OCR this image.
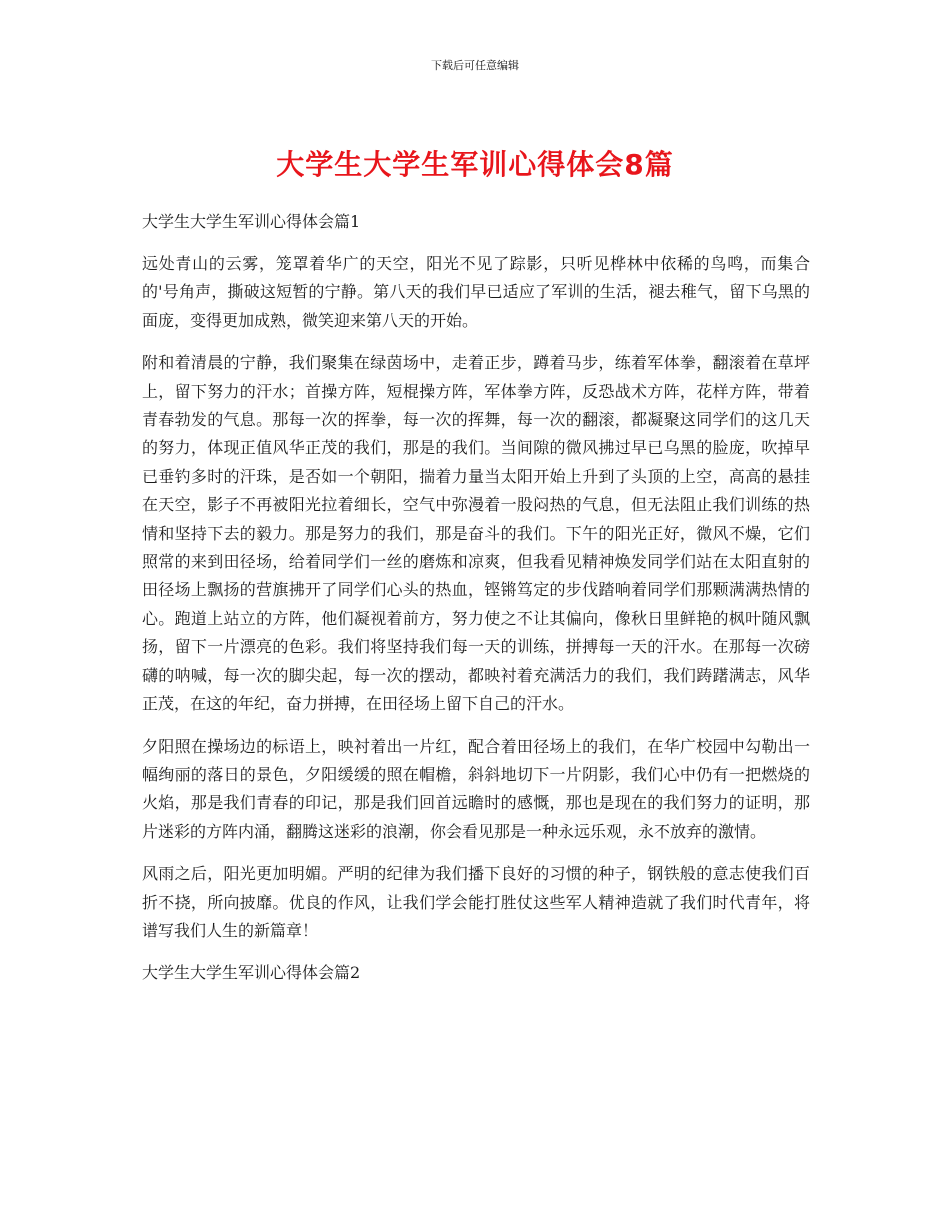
下载后可任意编辑
大学生大学生军训心得体会8篇
大学生大学生军训心得体会篇1

远处青山的云雾，笼罩着华广的天空，阳光不见了踪影，只听见桦林中依稀的鸟鸣，而集合的'号角声，撕破这短暂的宁静。第八天的我们早已适应了军训的生活，褪去稚气，留下乌黑的面庞，变得更加成熟，微笑迎来第八天的开始。

附和着清晨的宁静，我们聚集在绿茵场中，走着正步，蹲着马步，练着军体拳，翻滚着在草坪上，留下努力的汗水；首操方阵，短棍操方阵，军体拳方阵，反恐战术方阵，花样方阵，带着青春勃发的气息。那每一次的挥拳，每一次的挥舞，每一次的翻滚，都凝聚这同学们的这几天的努力，体现正值风华正茂的我们，那是的我们。当间隙的微风拂过早已乌黑的脸庞，吹掉早已垂钓多时的汗珠，是否如一个朝阳，揣着力量当太阳开始上升到了头顶的上空，高高的悬挂在天空，影子不再被阳光拉着细长，空气中弥漫着一股闷热的气息，但无法阻止我们训练的热情和坚持下去的毅力。那是努力的我们，那是奋斗的我们。下午的阳光正好，微风不燥，它们照常的来到田径场，给着同学们一丝的磨炼和凉爽，但我看见精神焕发同学们站在太阳直射的田径场上飘扬的营旗拂开了同学们心头的热血，铿锵笃定的步伐踏响着同学们那颗满满热情的心。跑道上站立的方阵，他们凝视着前方，努力使之不让其偏向，像秋日里鲜艳的枫叶随风飘扬，留下一片漂亮的色彩。我们将坚持我们每一天的训练，拼搏每一天的汗水。在那每一次磅礴的呐喊，每一次的脚尖起，每一次的摆动，都映衬着充满活力的我们，我们踌躇满志，风华正茂，在这的年纪，奋力拼搏，在田径场上留下自己的汗水。

夕阳照在操场边的标语上，映衬着出一片红，配合着田径场上的我们，在华广校园中勾勒出一幅绚丽的落日的景色，夕阳缓缓的照在帽檐，斜斜地切下一片阴影，我们心中仍有一把燃烧的火焰，那是我们青春的印记，那是我们回首远瞻时的感慨，那也是现在的我们努力的证明，那片迷彩的方阵内涌，翻腾这迷彩的浪潮，你会看见那是一种永远乐观，永不放弃的激情。

风雨之后，阳光更加明媚。严明的纪律为我们播下良好的习惯的种子，钢铁般的意志使我们百折不挠，所向披靡。优良的作风，让我们学会能打胜仗这些军人精神造就了我们时代青年，将谱写我们人生的新篇章！

大学生大学生军训心得体会篇2
